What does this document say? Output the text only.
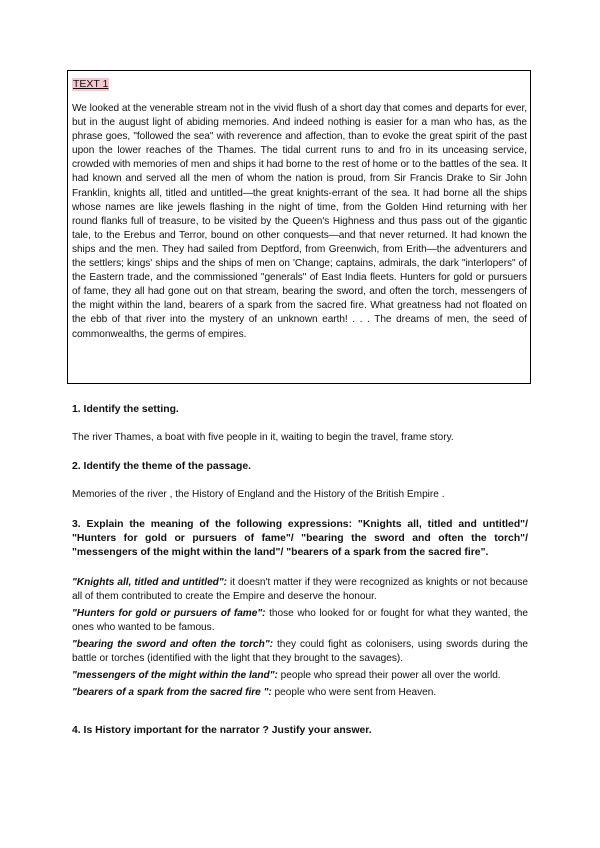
TEXT 1
We looked at the venerable stream not in the vivid flush of a short day that comes and departs for ever, but in the august light of abiding memories. And indeed nothing is easier for a man who has, as the phrase goes, "followed the sea" with reverence and affection, than to evoke the great spirit of the past upon the lower reaches of the Thames. The tidal current runs to and fro in its unceasing service, crowded with memories of men and ships it had borne to the rest of home or to the battles of the sea. It had known and served all the men of whom the nation is proud, from Sir Francis Drake to Sir John Franklin, knights all, titled and untitled—the great knights-errant of the sea. It had borne all the ships whose names are like jewels flashing in the night of time, from the Golden Hind returning with her round flanks full of treasure, to be visited by the Queen's Highness and thus pass out of the gigantic tale, to the Erebus and Terror, bound on other conquests—and that never returned. It had known the ships and the men. They had sailed from Deptford, from Greenwich, from Erith—the adventurers and the settlers; kings' ships and the ships of men on 'Change; captains, admirals, the dark "interlopers" of the Eastern trade, and the commissioned "generals" of East India fleets. Hunters for gold or pursuers of fame, they all had gone out on that stream, bearing the sword, and often the torch, messengers of the might within the land, bearers of a spark from the sacred fire. What greatness had not floated on the ebb of that river into the mystery of an unknown earth! . . . The dreams of men, the seed of commonwealths, the germs of empires.
1. Identify the setting.
The river Thames, a boat with five people in it, waiting to begin the travel, frame story.
2. Identify the theme of the passage.
Memories of the river , the History of England and the History of the British Empire .
3. Explain the meaning of the following expressions: "Knights all, titled and untitled"/ "Hunters for gold or pursuers of fame"/ "bearing the sword and often the torch"/ "messengers of the might within the land"/ "bearers of a spark from the sacred fire".

"Knights all, titled and untitled": it doesn't matter if they were recognized as knights or not because all of them contributed to create the Empire and deserve the honour.

"Hunters for gold or pursuers of fame": those who looked for or fought for what they wanted, the ones who wanted to be famous.

"bearing the sword and often the torch": they could fight as colonisers, using swords during the battle or torches (identified with the light that they brought to the savages).

"messengers of the might within the land": people who spread their power all over the world.

"bearers of a spark from the sacred fire ": people who were sent from Heaven.

4. Is History important for the narrator ? Justify your answer.
